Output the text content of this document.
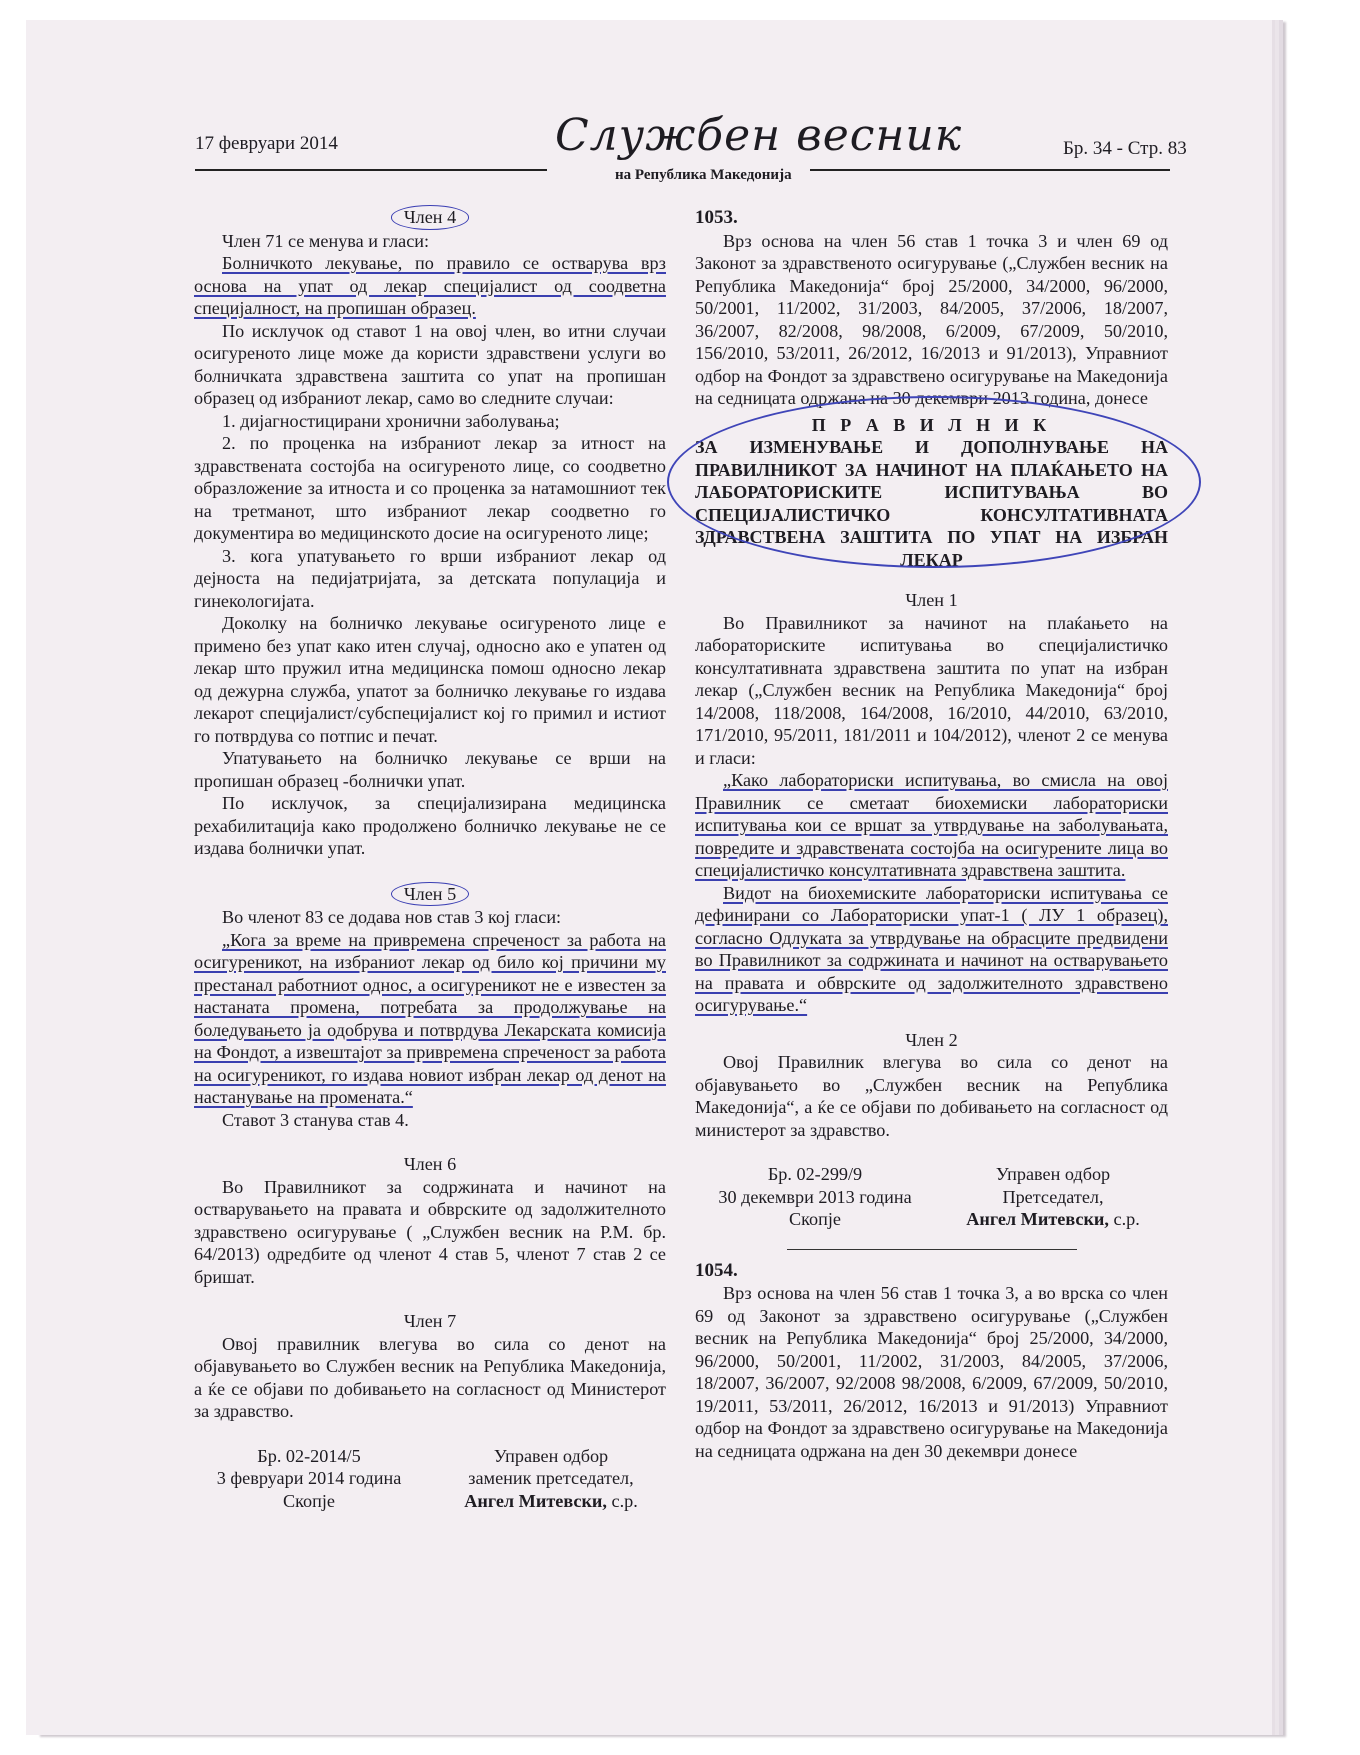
17 февруари 2014	Службен весник
на Република Македонија
Бр. 34 - Стр. 83

Член 4

Член 71 се менува и гласи:

Болничкото лекување, по правило се остварува врз основа на упат од лекар специјалист од соодветна специјалност, на пропишан образец.

По исклучок од ставот 1 на овој член, во итни случаи осигуреното лице може да користи здравствени услуги во болничката здравствена заштита со упат на пропишан образец од избраниот лекар, само во следните случаи:

1. дијагностицирани хронични заболувања;

2. по проценка на избраниот лекар за итност на здравствената состојба на осигуреното лице, со соодветно образложение за итноста и со проценка за натамошниот тек на третманот, што избраниот лекар соодветно го документира во медицинското досие на осигуреното лице;

3. кога упатувањето го врши избраниот лекар од дејноста на педијатријата, за детската популација и гинекологијата.

Доколку на болничко лекување осигуреното лице е примено без упат како итен случај, односно ако е упатен од лекар што пружил итна медицинска помош односно лекар од дежурна служба, упатот за болничко лекување го издава лекарот специјалист/субспецијалист кој го примил и истиот го потврдува со потпис и печат.

Упатувањето на болничко лекување се врши на пропишан образец -болнички упат.

По исклучок, за специјализирана медицинска рехабилитација како продолжено болничко лекување не се издава болнички упат.

Член 5

Во членот 83 се додава нов став 3 кој гласи:

„Кога за време на привремена спреченост за работа на осигуреникот, на избраниот лекар од било кој причини му престанал работниот однос, а осигуреникот не е известен за настаната промена, потребата за продолжување на боледувањето ја одобрува и потврдува Лекарската комисија на Фондот, а извештајот за привремена спреченост за работа на осигуреникот, го издава новиот избран лекар од денот на настанување на промената.“

Ставот 3 станува став 4.

Член 6

Во Правилникот за содржината и начинот на остварувањето на правата и обврските од задолжителното здравствено осигурување ( „Службен весник на Р.М. бр. 64/2013) одредбите од членот 4 став 5, членот 7 став 2 се бришат.

Член 7

Овој правилник влегува во сила со денот на објавувањето во Службен весник на Република Македонија, а ќе се објави по добивањето на согласност од Министерот за здравство.

Бр. 02-2014/5
3 февруари 2014 година
Скопје
Управен одбор
заменик претседател,
Ангел Митевски, с.р.

1053.

Врз основа на член 56 став 1 точка 3 и член 69 од Законот за здравственото осигурување („Службен весник на Република Македонија“ број 25/2000, 34/2000, 96/2000, 50/2001, 11/2002, 31/2003, 84/2005, 37/2006, 18/2007, 36/2007, 82/2008, 98/2008, 6/2009, 67/2009, 50/2010, 156/2010, 53/2011, 26/2012, 16/2013 и 91/2013), Управниот одбор на Фондот за здравствено осигурување на Македонија на седницата одржана на 30 декември 2013 година, донесе

П Р А В И Л Н И К
ЗА ИЗМЕНУВАЊЕ И ДОПОЛНУВАЊЕ НА ПРАВИЛНИКОТ ЗА НАЧИНОТ НА ПЛАЌАЊЕТО НА ЛАБОРАТОРИСКИТЕ ИСПИТУВАЊА ВО СПЕЦИЈАЛИСТИЧКО КОНСУЛТАТИВНАТА ЗДРАВСТВЕНА ЗАШТИТА ПО УПАТ НА ИЗБРАН ЛЕКАР

Член 1

Во Правилникот за начинот на плаќањето на лабораториските испитувања во специјалистичко консултативната здравствена заштита по упат на избран лекар („Службен весник на Република Македонија“ број 14/2008, 118/2008, 164/2008, 16/2010, 44/2010, 63/2010, 171/2010, 95/2011, 181/2011 и 104/2012), членот 2 се менува и гласи:

„Како лабораториски испитувања, во смисла на овој Правилник се сметаат биохемиски лабораториски испитувања кои се вршат за утврдување на заболувањата, повредите и здравствената состојба на осигурените лица во специјалистичко консултативната здравствена заштита.

Видот на биохемиските лабораториски испитувања се дефинирани со Лабораториски упат-1 ( ЛУ 1 образец), согласно Одлуката за утврдување на обрасците предвидени во Правилникот за содржината и начинот на остварувањето на правата и обврските од задолжителното здравствено осигурување.“

Член 2

Овој Правилник влегува во сила со денот на објавувањето во „Службен весник на Република Македонија“, а ќе се објави по добивањето на согласност од министерот за здравство.

Бр. 02-299/9
30 декември 2013 година
Скопје
Управен одбор
Претседател,
Ангел Митевски, с.р.

1054.

Врз основа на член 56 став 1 точка 3, а во врска со член 69 од Законот за здравствено осигурување („Службен весник на Република Македонија“ број 25/2000, 34/2000, 96/2000, 50/2001, 11/2002, 31/2003, 84/2005, 37/2006, 18/2007, 36/2007, 92/2008 98/2008, 6/2009, 67/2009, 50/2010, 19/2011, 53/2011, 26/2012, 16/2013 и 91/2013) Управниот одбор на Фондот за здравствено осигурување на Македонија на седницата одржана на ден 30 декември донесе
